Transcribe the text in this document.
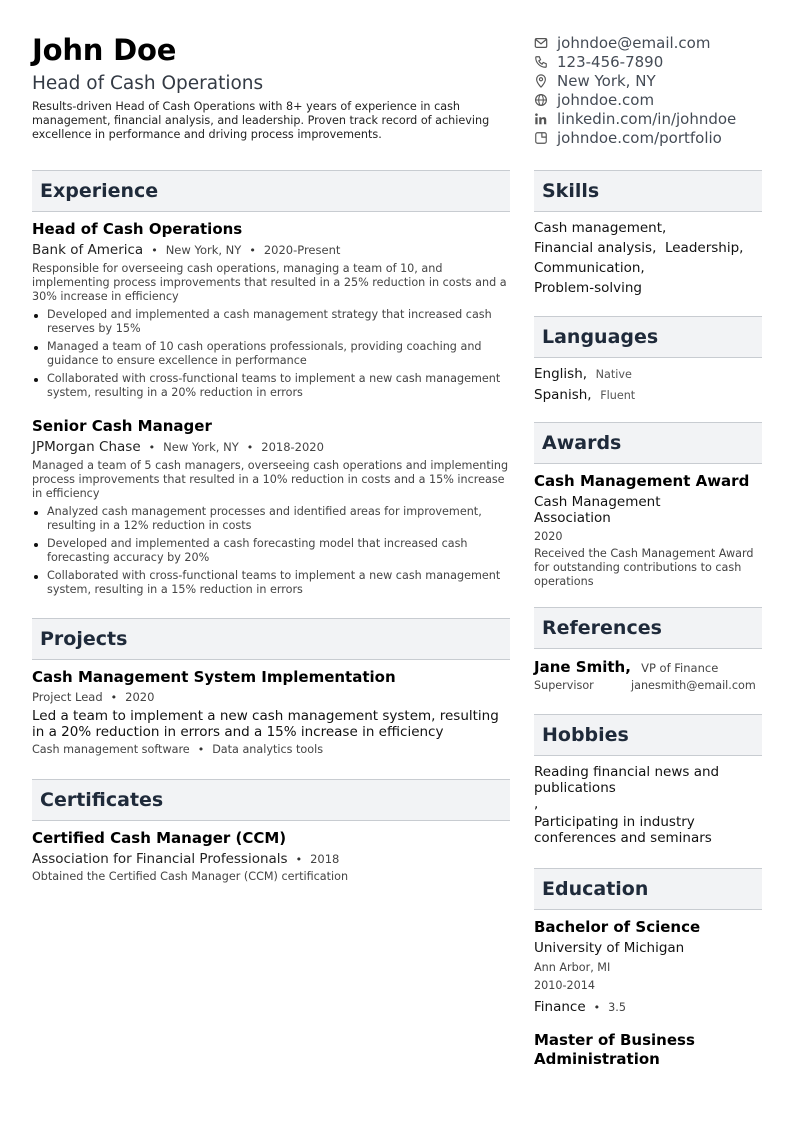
John Doe
Head of Cash Operations
Results-driven Head of Cash Operations with 8+ years of experience in cash management, financial analysis, and leadership. Proven track record of achieving excellence in performance and driving process improvements.
johndoe@email.com
123-456-7890
New York, NY
johndoe.com
linkedin.com/in/johndoe
johndoe.com/portfolio
Experience
Head of Cash Operations
Bank of America • New York, NY • 2020-Present
Responsible for overseeing cash operations, managing a team of 10, and implementing process improvements that resulted in a 25% reduction in costs and a 30% increase in efficiency
Developed and implemented a cash management strategy that increased cash reserves by 15%
Managed a team of 10 cash operations professionals, providing coaching and guidance to ensure excellence in performance
Collaborated with cross-functional teams to implement a new cash management system, resulting in a 20% reduction in errors
Senior Cash Manager
JPMorgan Chase • New York, NY • 2018-2020
Managed a team of 5 cash managers, overseeing cash operations and implementing process improvements that resulted in a 10% reduction in costs and a 15% increase in efficiency
Analyzed cash management processes and identified areas for improvement, resulting in a 12% reduction in costs
Developed and implemented a cash forecasting model that increased cash forecasting accuracy by 20%
Collaborated with cross-functional teams to implement a new cash management system, resulting in a 15% reduction in errors
Projects
Cash Management System Implementation
Project Lead • 2020
Led a team to implement a new cash management system, resulting in a 20% reduction in errors and a 15% increase in efficiency
Cash management software • Data analytics tools
Certificates
Certified Cash Manager (CCM)
Association for Financial Professionals • 2018
Obtained the Certified Cash Manager (CCM) certification
Skills
Cash management,
Financial analysis, Leadership,
Communication,
Problem-solving
Languages
English, Native
Spanish, Fluent
Awards
Cash Management Award
Cash Management Association
2020
Received the Cash Management Award for outstanding contributions to cash operations
References
Jane Smith, VP of Finance
Supervisor	janesmith@email.com
Hobbies
Reading financial news and publications
,
Participating in industry conferences and seminars
Education
Bachelor of Science
University of Michigan
Ann Arbor, MI
2010-2014
Finance • 3.5
Master of Business Administration
